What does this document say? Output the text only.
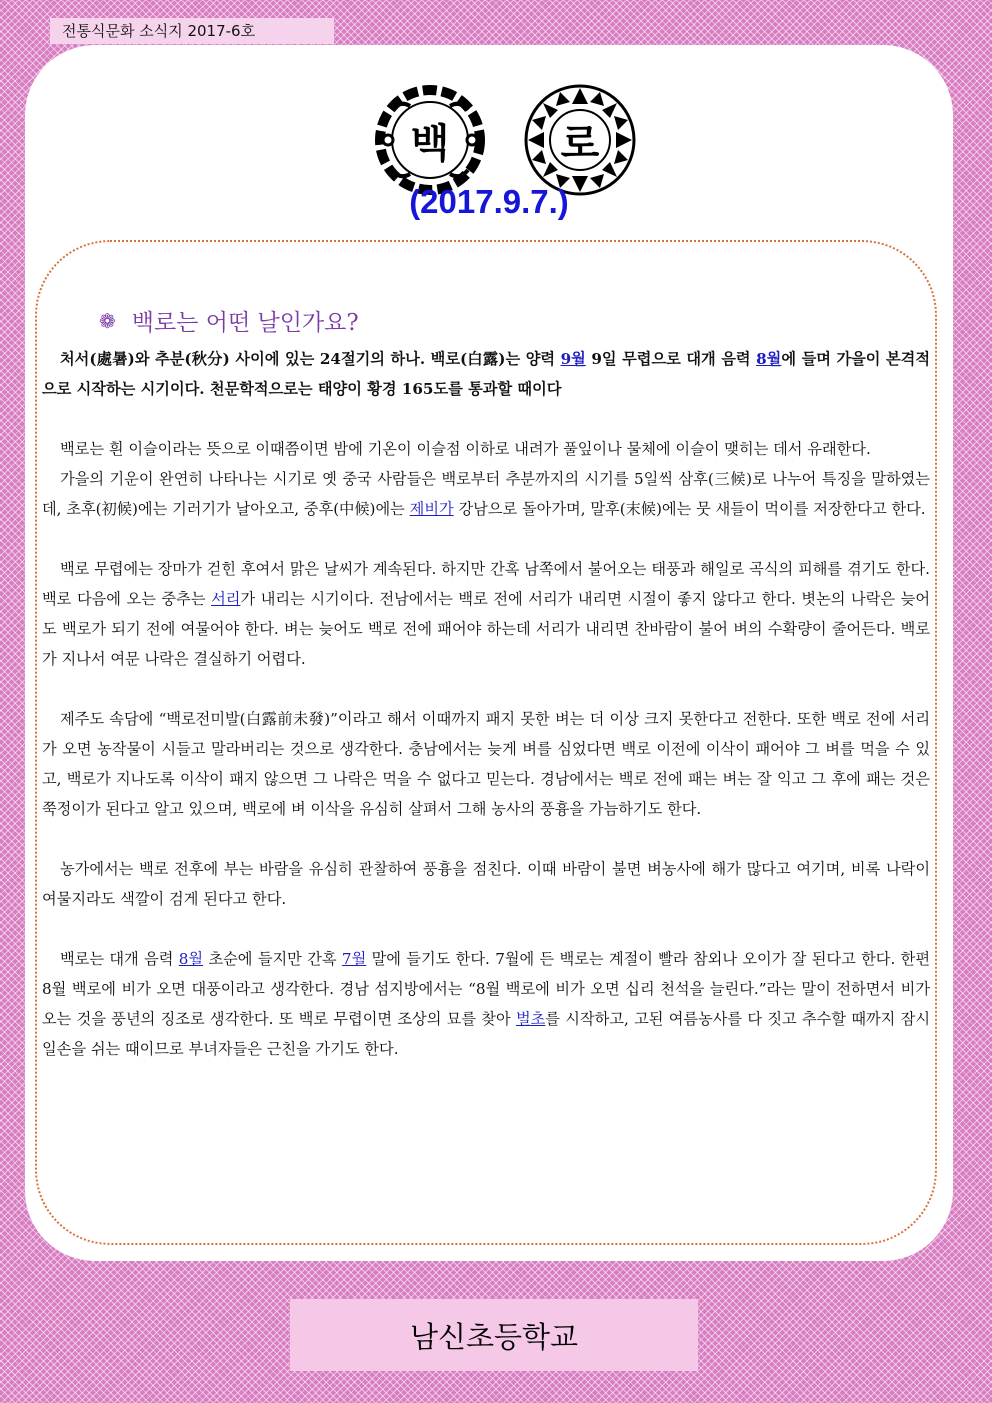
전통식문화 소식지 2017-6호
백	로
(2017.9.7.)
❁ 백로는 어떤 날인가요?

처서(處暑)와 추분(秋分) 사이에 있는 24절기의 하나. 백로(白露)는 양력 9월 9일 무렵으로 대개 음력 8월에 들며 가을이 본격적으로 시작하는 시기이다. 천문학적으로는 태양이 황경 165도를 통과할 때이다

백로는 흰 이슬이라는 뜻으로 이때쯤이면 밤에 기온이 이슬점 이하로 내려가 풀잎이나 물체에 이슬이 맺히는 데서 유래한다.

가을의 기운이 완연히 나타나는 시기로 옛 중국 사람들은 백로부터 추분까지의 시기를 5일씩 삼후(三候)로 나누어 특징을 말하였는데, 초후(初候)에는 기러기가 날아오고, 중후(中候)에는 제비가 강남으로 돌아가며, 말후(末候)에는 뭇 새들이 먹이를 저장한다고 한다.

백로 무렵에는 장마가 걷힌 후여서 맑은 날씨가 계속된다. 하지만 간혹 남쪽에서 불어오는 태풍과 해일로 곡식의 피해를 겪기도 한다. 백로 다음에 오는 중추는 서리가 내리는 시기이다. 전남에서는 백로 전에 서리가 내리면 시절이 좋지 않다고 한다. 볏논의 나락은 늦어도 백로가 되기 전에 여물어야 한다. 벼는 늦어도 백로 전에 패어야 하는데 서리가 내리면 찬바람이 불어 벼의 수확량이 줄어든다. 백로가 지나서 여문 나락은 결실하기 어렵다.

제주도 속담에 “백로전미발(白露前未發)”이라고 해서 이때까지 패지 못한 벼는 더 이상 크지 못한다고 전한다. 또한 백로 전에 서리가 오면 농작물이 시들고 말라버리는 것으로 생각한다. 충남에서는 늦게 벼를 심었다면 백로 이전에 이삭이 패어야 그 벼를 먹을 수 있고, 백로가 지나도록 이삭이 패지 않으면 그 나락은 먹을 수 없다고 믿는다. 경남에서는 백로 전에 패는 벼는 잘 익고 그 후에 패는 것은 쭉정이가 된다고 알고 있으며, 백로에 벼 이삭을 유심히 살펴서 그해 농사의 풍흉을 가늠하기도 한다.

농가에서는 백로 전후에 부는 바람을 유심히 관찰하여 풍흉을 점친다. 이때 바람이 불면 벼농사에 해가 많다고 여기며, 비록 나락이 여물지라도 색깔이 검게 된다고 한다.

백로는 대개 음력 8월 초순에 들지만 간혹 7월 말에 들기도 한다. 7월에 든 백로는 계절이 빨라 참외나 오이가 잘 된다고 한다. 한편 8월 백로에 비가 오면 대풍이라고 생각한다. 경남 섬지방에서는 “8월 백로에 비가 오면 십리 천석을 늘린다.”라는 말이 전하면서 비가 오는 것을 풍년의 징조로 생각한다. 또 백로 무렵이면 조상의 묘를 찾아 벌초를 시작하고, 고된 여름농사를 다 짓고 추수할 때까지 잠시 일손을 쉬는 때이므로 부녀자들은 근친을 가기도 한다.

남신초등학교
